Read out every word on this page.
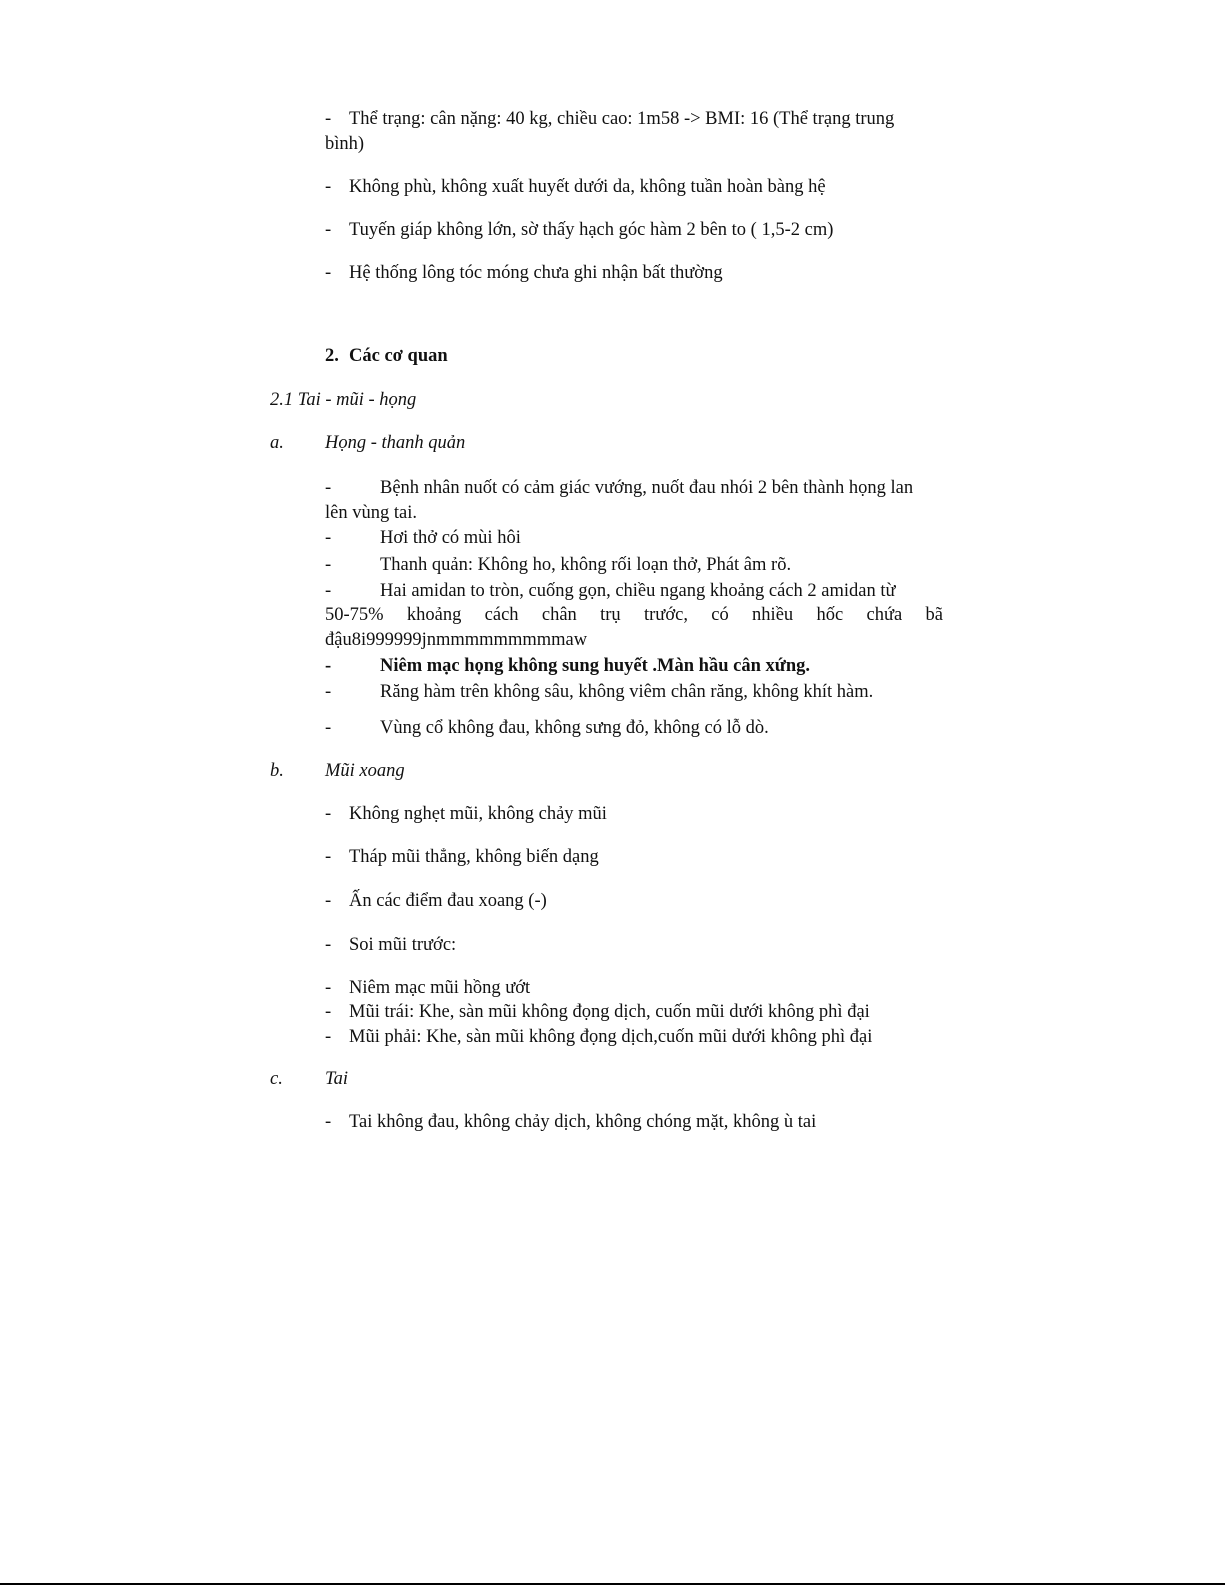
- Thể trạng: cân nặng: 40 kg, chiều cao: 1m58 -> BMI: 16 (Thể trạng trung
bình)
- Không phù, không xuất huyết dưới da, không tuần hoàn bàng hệ
- Tuyến giáp không lớn, sờ thấy hạch góc hàm 2 bên to ( 1,5-2 cm)
- Hệ thống lông tóc móng chưa ghi nhận bất thường
2. Các cơ quan
2.1 Tai - mũi - họng
a. Họng - thanh quản
-	Bệnh nhân nuốt có cảm giác vướng, nuốt đau nhói 2 bên thành họng lan
lên vùng tai.
-	Hơi thở có mùi hôi
-	Thanh quản: Không ho, không rối loạn thở, Phát âm rõ.
-	Hai amidan to tròn, cuống gọn, chiều ngang khoảng cách 2 amidan từ
50-75% khoảng cách chân trụ trước, có nhiều hốc chứa bã
đậu8i999999jnmmmmmmmmmaw
-	Niêm mạc họng không sung huyết .Màn hầu cân xứng.
-	Răng hàm trên không sâu, không viêm chân răng, không khít hàm.
-	Vùng cổ không đau, không sưng đỏ, không có lỗ dò.
b. Mũi xoang
- Không nghẹt mũi, không chảy mũi
- Tháp mũi thẳng, không biến dạng
- Ấn các điểm đau xoang (-)
- Soi mũi trước:
- Niêm mạc mũi hồng ướt
- Mũi trái: Khe, sàn mũi không đọng dịch, cuốn mũi dưới không phì đại
- Mũi phải: Khe, sàn mũi không đọng dịch,cuốn mũi dưới không phì đại
c. Tai
- Tai không đau, không chảy dịch, không chóng mặt, không ù tai
